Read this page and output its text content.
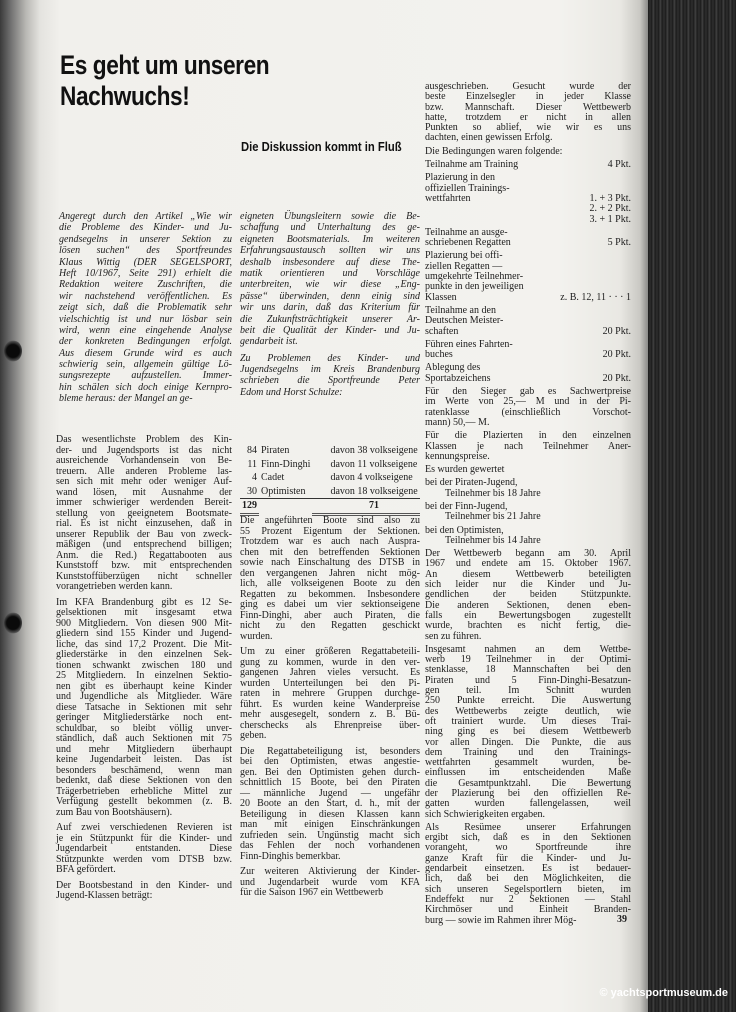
Es geht um unseren
Nachwuchs!
Die Diskussion kommt in Fluß

Angeregt durch den Artikel „Wie wir
die Probleme des Kinder- und Ju-
gendsegelns in unserer Sektion zu
lösen suchen“ des Sportfreundes
Klaus Wittig (DER SEGELSPORT,
Heft 10/1967, Seite 291) erhielt die
Redaktion weitere Zuschriften, die
wir nachstehend veröffentlichen. Es
zeigt sich, daß die Problematik sehr
vielschichtig ist und nur lösbar sein
wird, wenn eine eingehende Analyse
der konkreten Bedingungen erfolgt.
Aus diesem Grunde wird es auch
schwierig sein, allgemein gültige Lö-
sungsrezepte aufzustellen. Immer-
hin schälen sich doch einige Kernpro-
bleme heraus: der Mangel an ge-

Das wesentlichste Problem des Kin-
der- und Jugendsports ist das nicht
ausreichende Vorhandensein von Be-
treuern. Alle anderen Probleme las-
sen sich mit mehr oder weniger Auf-
wand lösen, mit Ausnahme der
immer schwieriger werdenden Bereit-
stellung von geeignetem Bootsmate-
rial. Es ist nicht einzusehen, daß in
unserer Republik der Bau von zweck-
mäßigen (und entsprechend billigen;
Anm. die Red.) Regattabooten aus
Kunststoff bzw. mit entsprechenden
Kunststoffüberzügen nicht schneller
vorangetrieben werden kann.

Im KFA Brandenburg gibt es 12 Se-
gelsektionen mit insgesamt etwa
900 Mitgliedern. Von diesen 900 Mit-
gliedern sind 155 Kinder und Jugend-
liche, das sind 17,2 Prozent. Die Mit-
gliederstärke in den einzelnen Sek-
tionen schwankt zwischen 180 und
25 Mitgliedern. In einzelnen Sektio-
nen gibt es überhaupt keine Kinder
und Jugendliche als Mitglieder. Wäre
diese Tatsache in Sektionen mit sehr
geringer Mitgliederstärke noch ent-
schuldbar, so bleibt völlig unver-
ständlich, daß auch Sektionen mit 75
und mehr Mitgliedern überhaupt
keine Jugendarbeit leisten. Das ist
besonders beschämend, wenn man
bedenkt, daß diese Sektionen von den
Trägerbetrieben erhebliche Mittel zur
Verfügung gestellt bekommen (z. B.
zum Bau von Bootshäusern).

Auf zwei verschiedenen Revieren ist
je ein Stützpunkt für die Kinder- und
Jugendarbeit entstanden. Diese
Stützpunkte werden vom DTSB bzw.
BFA gefördert.

Der Bootsbestand in den Kinder- und
Jugend-Klassen beträgt:

eigneten Übungsleitern sowie die Be-
schaffung und Unterhaltung des ge-
eigneten Bootsmaterials. Im weiteren
Erfahrungsaustausch sollten wir uns
deshalb insbesondere auf diese The-
matik orientieren und Vorschläge
unterbreiten, wie wir diese „Eng-
pässe“ überwinden, denn einig sind
wir uns darin, daß das Kriterium für
die Zukunftsträchtigkeit unserer Ar-
beit die Qualität der Kinder- und Ju-
gendarbeit ist.

Zu Problemen des Kinder- und
Jugendsegelns im Kreis Brandenburg
schrieben die Sportfreunde Peter
Edom und Horst Schulze:

84	Piraten	davon 38 volkseigene
11	Finn-Dinghi	davon 11 volkseigene
4	Cadet	davon 4 volkseigene
30	Optimisten	davon 18 volkseigene
129		71

Die angeführten Boote sind also zu
55 Prozent Eigentum der Sektionen.
Trotzdem war es auch nach Auspra-
chen mit den betreffenden Sektionen
sowie nach Einschaltung des DTSB in
den vergangenen Jahren nicht mög-
lich, alle volkseigenen Boote zu den
Regatten zu bekommen. Insbesondere
ging es dabei um vier sektionseigene
Finn-Dinghi, aber auch Piraten, die
nicht zu den Regatten geschickt
wurden.

Um zu einer größeren Regattabeteili-
gung zu kommen, wurde in den ver-
gangenen Jahren vieles versucht. Es
wurden Unterteilungen bei den Pi-
raten in mehrere Gruppen durchge-
führt. Es wurden keine Wanderpreise
mehr ausgesegelt, sondern z. B. Bü-
cherschecks als Ehrenpreise über-
geben.

Die Regattabeteiligung ist, besonders
bei den Optimisten, etwas angestie-
gen. Bei den Optimisten gehen durch-
schnittlich 15 Boote, bei den Piraten
— männliche Jugend — ungefähr
20 Boote an den Start, d. h., mit der
Beteiligung in diesen Klassen kann
man mit einigen Einschränkungen
zufrieden sein. Ungünstig macht sich
das Fehlen der noch vorhandenen
Finn-Dinghis bemerkbar.

Zur weiteren Aktivierung der Kinder-
und Jugendarbeit wurde vom KFA
für die Saison 1967 ein Wettbewerb

ausgeschrieben. Gesucht wurde der
beste Einzelsegler in jeder Klasse
bzw. Mannschaft. Dieser Wettbewerb
hatte, trotzdem er nicht in allen
Punkten so ablief, wie wir es uns
dachten, einen gewissen Erfolg.

Die Bedingungen waren folgende:

Teilnahme am Training	4 Pkt.
Plazierung in den
offiziellen Trainings-
wettfahrten	1. + 3 Pkt.
2. + 2 Pkt.
3. + 1 Pkt.
Teilnahme an ausge-
schriebenen Regatten	5 Pkt.
Plazierung bei offi-
ziellen Regatten —
umgekehrte Teilnehmer-
punkte in den jeweiligen
Klassen	z. B. 12, 11 · · · 1
Teilnahme an den
Deutschen Meister-
schaften	20 Pkt.
Führen eines Fahrten-
buches	20 Pkt.
Ablegung des
Sportabzeichens	20 Pkt.

Für den Sieger gab es Sachwertpreise
im Werte von 25,— M und in der Pi-
ratenklasse (einschließlich Vorschot-
mann) 50,— M.

Für die Plazierten in den einzelnen
Klassen je nach Teilnehmer Aner-
kennungspreise.

Es wurden gewertet

bei der Piraten-Jugend,
Teilnehmer bis 18 Jahre
bei der Finn-Jugend,
Teilnehmer bis 21 Jahre
bei den Optimisten,
Teilnehmer bis 14 Jahre

Der Wettbewerb begann am 30. April
1967 und endete am 15. Oktober 1967.
An diesem Wettbewerb beteiligten
sich leider nur die Kinder und Ju-
gendlichen der beiden Stützpunkte.
Die anderen Sektionen, denen eben-
falls ein Bewertungsbogen zugestellt
wurde, brachten es nicht fertig, die-
sen zu führen.

Insgesamt nahmen an dem Wettbe-
werb 19 Teilnehmer in der Optimi-
stenklasse, 18 Mannschaften bei den
Piraten und 5 Finn-Dinghi-Besatzun-
gen teil. Im Schnitt wurden
250 Punkte erreicht. Die Auswertung
des Wettbewerbs zeigte deutlich, wie
oft trainiert wurde. Um dieses Trai-
ning ging es bei diesem Wettbewerb
vor allen Dingen. Die Punkte, die aus
dem Training und den Trainings-
wettfahrten gesammelt wurden, be-
einflussen im entscheidenden Maße
die Gesamtpunktzahl. Die Bewertung
der Plazierung bei den offiziellen Re-
gatten wurden fallengelassen, weil
sich Schwierigkeiten ergaben.

Als Resümee unserer Erfahrungen
ergibt sich, daß es in den Sektionen
vorangeht, wo Sportfreunde ihre
ganze Kraft für die Kinder- und Ju-
gendarbeit einsetzen. Es ist bedauer-
lich, daß bei den Möglichkeiten, die
sich unseren Segelsportlern bieten, im
Endeffekt nur 2 Sektionen — Stahl
Kirchmöser und Einheit Branden-
burg — sowie im Rahmen ihrer Mög-	39
© yachtsportmuseum.de
